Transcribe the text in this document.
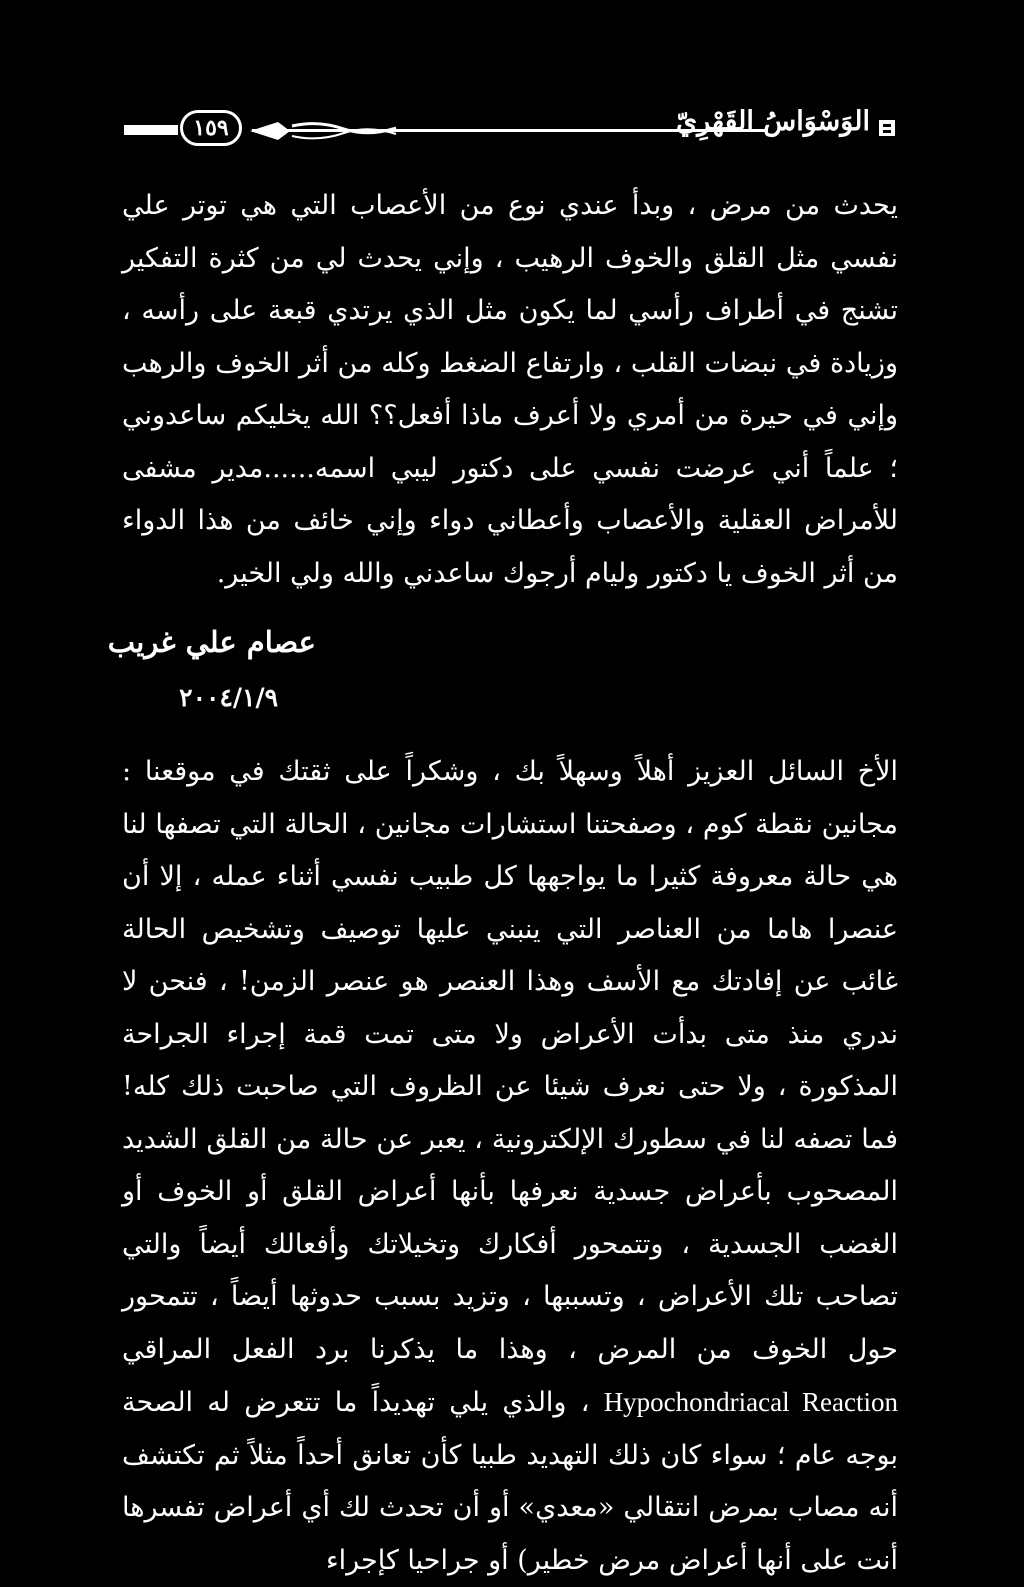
١٥٩	الوَسْوَاسُ القَهْرِيّ

يحدث من مرض ، وبدأ عندي نوع من الأعصاب التي هي توتر علي نفسي مثل القلق والخوف الرهيب ، وإني يحدث لي من كثرة التفكير تشنج في أطراف رأسي لما يكون مثل الذي يرتدي قبعة على رأسه ، وزيادة في نبضات القلب ، وارتفاع الضغط وكله من أثر الخوف والرهب وإني في حيرة من أمري ولا أعرف ماذا أفعل؟؟ الله يخليكم ساعدوني ؛ علماً أني عرضت نفسي على دكتور ليبي اسمه......مدير مشفى للأمراض العقلية والأعصاب وأعطاني دواء وإني خائف من هذا الدواء من أثر الخوف يا دكتور وليام أرجوك ساعدني والله ولي الخير.

عصام علي غريب

٢٠٠٤/١/٩

الأخ السائل العزيز أهلاً وسهلاً بك ، وشكراً على ثقتك في موقعنا : مجانين نقطة كوم ، وصفحتنا استشارات مجانين ، الحالة التي تصفها لنا هي حالة معروفة كثيرا ما يواجهها كل طبيب نفسي أثناء عمله ، إلا أن عنصرا هاما من العناصر التي ينبني عليها توصيف وتشخيص الحالة غائب عن إفادتك مع الأسف وهذا العنصر هو عنصر الزمن! ، فنحن لا ندري منذ متى بدأت الأعراض ولا متى تمت قمة إجراء الجراحة المذكورة ، ولا حتى نعرف شيئا عن الظروف التي صاحبت ذلك كله! فما تصفه لنا في سطورك الإلكترونية ، يعبر عن حالة من القلق الشديد المصحوب بأعراض جسدية نعرفها بأنها أعراض القلق أو الخوف أو الغضب الجسدية ، وتتمحور أفكارك وتخيلاتك وأفعالك أيضاً والتي تصاحب تلك الأعراض ، وتسببها ، وتزيد بسبب حدوثها أيضاً ، تتمحور حول الخوف من المرض ، وهذا ما يذكرنا برد الفعل المراقي Hypochondriacal Reaction ، والذي يلي تهديداً ما تتعرض له الصحة بوجه عام ؛ سواء كان ذلك التهديد طبيا كأن تعانق أحداً مثلاً ثم تكتشف أنه مصاب بمرض انتقالي «معدي» أو أن تحدث لك أي أعراض تفسرها أنت على أنها أعراض مرض خطير) أو جراحيا كإجراء
